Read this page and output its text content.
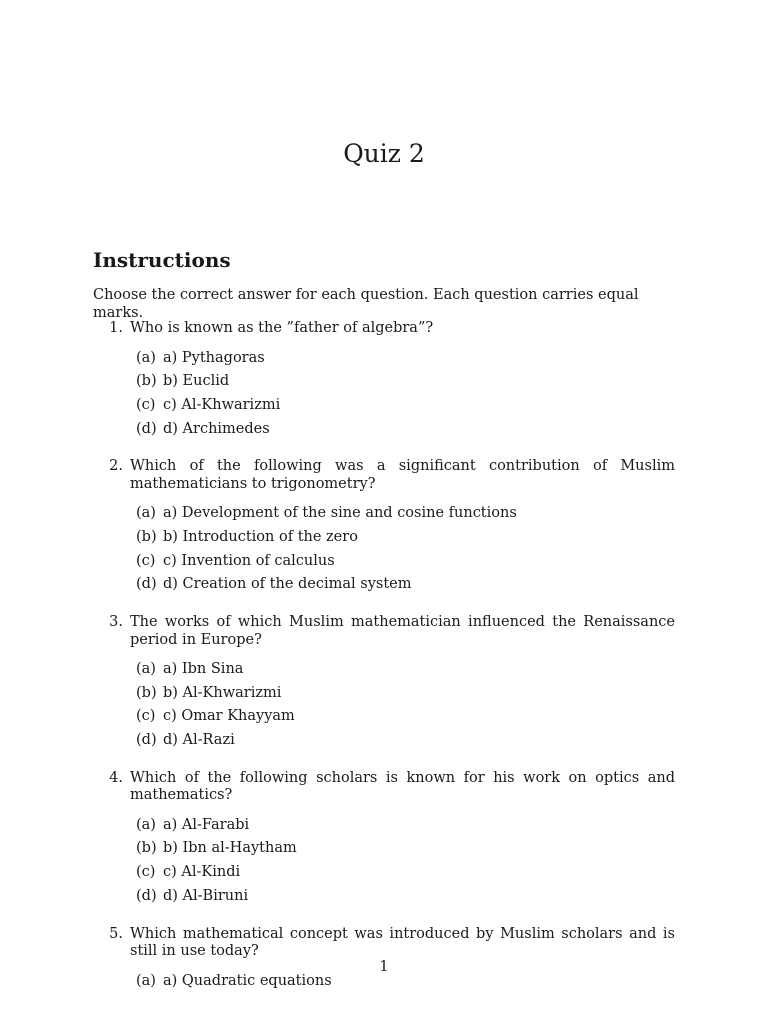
Quiz 2
Instructions

Choose the correct answer for each question. Each question carries equal marks.

1. Who is known as the ”father of algebra”?
(a) a) Pythagoras
(b) b) Euclid
(c) c) Al-Khwarizmi
(d) d) Archimedes
2. Which of the following was a significant contribution of Muslim mathematicians to trigonometry?
(a) a) Development of the sine and cosine functions
(b) b) Introduction of the zero
(c) c) Invention of calculus
(d) d) Creation of the decimal system
3. The works of which Muslim mathematician influenced the Renaissance period in Europe?
(a) a) Ibn Sina
(b) b) Al-Khwarizmi
(c) c) Omar Khayyam
(d) d) Al-Razi
4. Which of the following scholars is known for his work on optics and mathematics?
(a) a) Al-Farabi
(b) b) Ibn al-Haytham
(c) c) Al-Kindi
(d) d) Al-Biruni
5. Which mathematical concept was introduced by Muslim scholars and is still in use today?
(a) a) Quadratic equations
1
